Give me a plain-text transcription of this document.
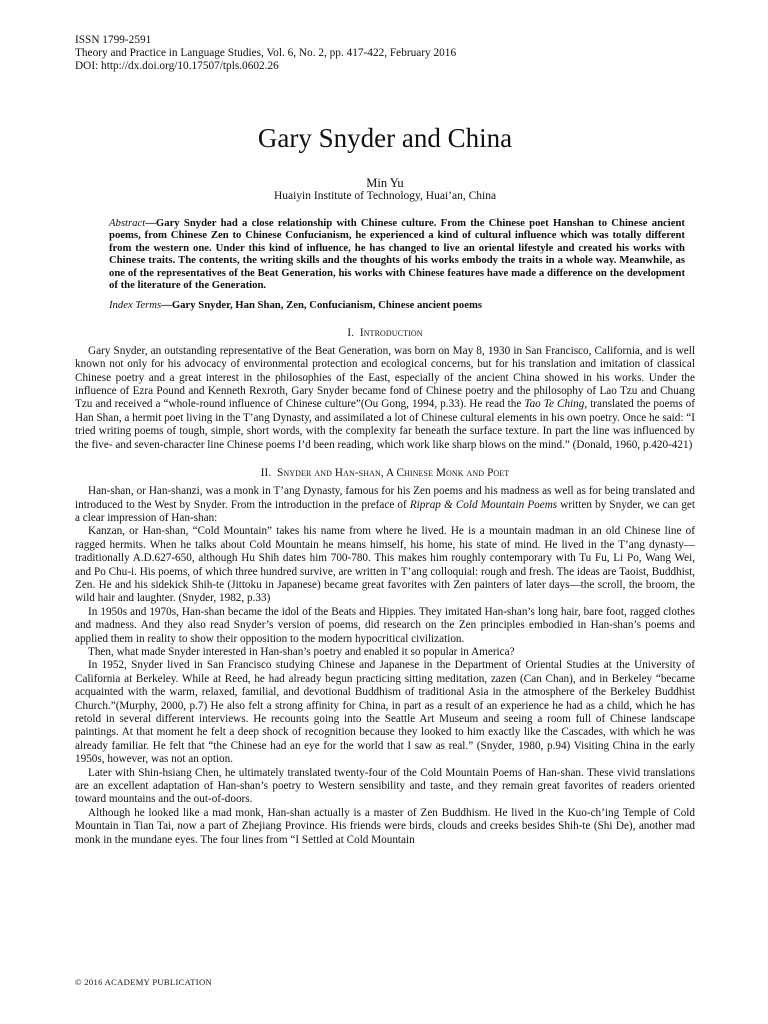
ISSN 1799-2591
Theory and Practice in Language Studies, Vol. 6, No. 2, pp. 417-422, February 2016
DOI: http://dx.doi.org/10.17507/tpls.0602.26
Gary Snyder and China
Min Yu
Huaiyin Institute of Technology, Huai’an, China

Abstract—Gary Snyder had a close relationship with Chinese culture. From the Chinese poet Hanshan to Chinese ancient poems, from Chinese Zen to Chinese Confucianism, he experienced a kind of cultural influence which was totally different from the western one. Under this kind of influence, he has changed to live an oriental lifestyle and created his works with Chinese traits. The contents, the writing skills and the thoughts of his works embody the traits in a whole way. Meanwhile, as one of the representatives of the Beat Generation, his works with Chinese features have made a difference on the development of the literature of the Generation.

Index Terms—Gary Snyder, Han Shan, Zen, Confucianism, Chinese ancient poems

I. Introduction

Gary Snyder, an outstanding representative of the Beat Generation, was born on May 8, 1930 in San Francisco, California, and is well known not only for his advocacy of environmental protection and ecological concerns, but for his translation and imitation of classical Chinese poetry and a great interest in the philosophies of the East, especially of the ancient China showed in his works. Under the influence of Ezra Pound and Kenneth Rexroth, Gary Snyder became fond of Chinese poetry and the philosophy of Lao Tzu and Chuang Tzu and received a “whole-round influence of Chinese culture”(Ou Gong, 1994, p.33). He read the Tao Te Ching, translated the poems of Han Shan, a hermit poet living in the T’ang Dynasty, and assimilated a lot of Chinese cultural elements in his own poetry. Once he said: “I tried writing poems of tough, simple, short words, with the complexity far beneath the surface texture. In part the line was influenced by the five- and seven-character line Chinese poems I’d been reading, which work like sharp blows on the mind.” (Donald, 1960, p.420-421)

II. Snyder and Han-shan, A Chinese Monk and Poet

Han-shan, or Han-shanzi, was a monk in T’ang Dynasty, famous for his Zen poems and his madness as well as for being translated and introduced to the West by Snyder. From the introduction in the preface of Riprap & Cold Mountain Poems written by Snyder, we can get a clear impression of Han-shan:

Kanzan, or Han-shan, “Cold Mountain” takes his name from where he lived. He is a mountain madman in an old Chinese line of ragged hermits. When he talks about Cold Mountain he means himself, his home, his state of mind. He lived in the T’ang dynasty—traditionally A.D.627-650, although Hu Shih dates him 700-780. This makes him roughly contemporary with Tu Fu, Li Po, Wang Wei, and Po Chu-i. His poems, of which three hundred survive, are written in T’ang colloquial: rough and fresh. The ideas are Taoist, Buddhist, Zen. He and his sidekick Shih-te (Jittoku in Japanese) became great favorites with Zen painters of later days—the scroll, the broom, the wild hair and laughter. (Snyder, 1982, p.33)

In 1950s and 1970s, Han-shan became the idol of the Beats and Hippies. They imitated Han-shan’s long hair, bare foot, ragged clothes and madness. And they also read Snyder’s version of poems, did research on the Zen principles embodied in Han-shan’s poems and applied them in reality to show their opposition to the modern hypocritical civilization.

Then, what made Snyder interested in Han-shan’s poetry and enabled it so popular in America?

In 1952, Snyder lived in San Francisco studying Chinese and Japanese in the Department of Oriental Studies at the University of California at Berkeley. While at Reed, he had already begun practicing sitting meditation, zazen (Can Chan), and in Berkeley “became acquainted with the warm, relaxed, familial, and devotional Buddhism of traditional Asia in the atmosphere of the Berkeley Buddhist Church.”(Murphy, 2000, p.7) He also felt a strong affinity for China, in part as a result of an experience he had as a child, which he has retold in several different interviews. He recounts going into the Seattle Art Museum and seeing a room full of Chinese landscape paintings. At that moment he felt a deep shock of recognition because they looked to him exactly like the Cascades, with which he was already familiar. He felt that “the Chinese had an eye for the world that I saw as real.” (Snyder, 1980, p.94) Visiting China in the early 1950s, however, was not an option.

Later with Shin-hsiang Chen, he ultimately translated twenty-four of the Cold Mountain Poems of Han-shan. These vivid translations are an excellent adaptation of Han-shan’s poetry to Western sensibility and taste, and they remain great favorites of readers oriented toward mountains and the out-of-doors.

Although he looked like a mad monk, Han-shan actually is a master of Zen Buddhism. He lived in the Kuo-ch’ing Temple of Cold Mountain in Tian Tai, now a part of Zhejiang Province. His friends were birds, clouds and creeks besides Shih-te (Shi De), another mad monk in the mundane eyes. The four lines from “I Settled at Cold Mountain

© 2016 ACADEMY PUBLICATION
